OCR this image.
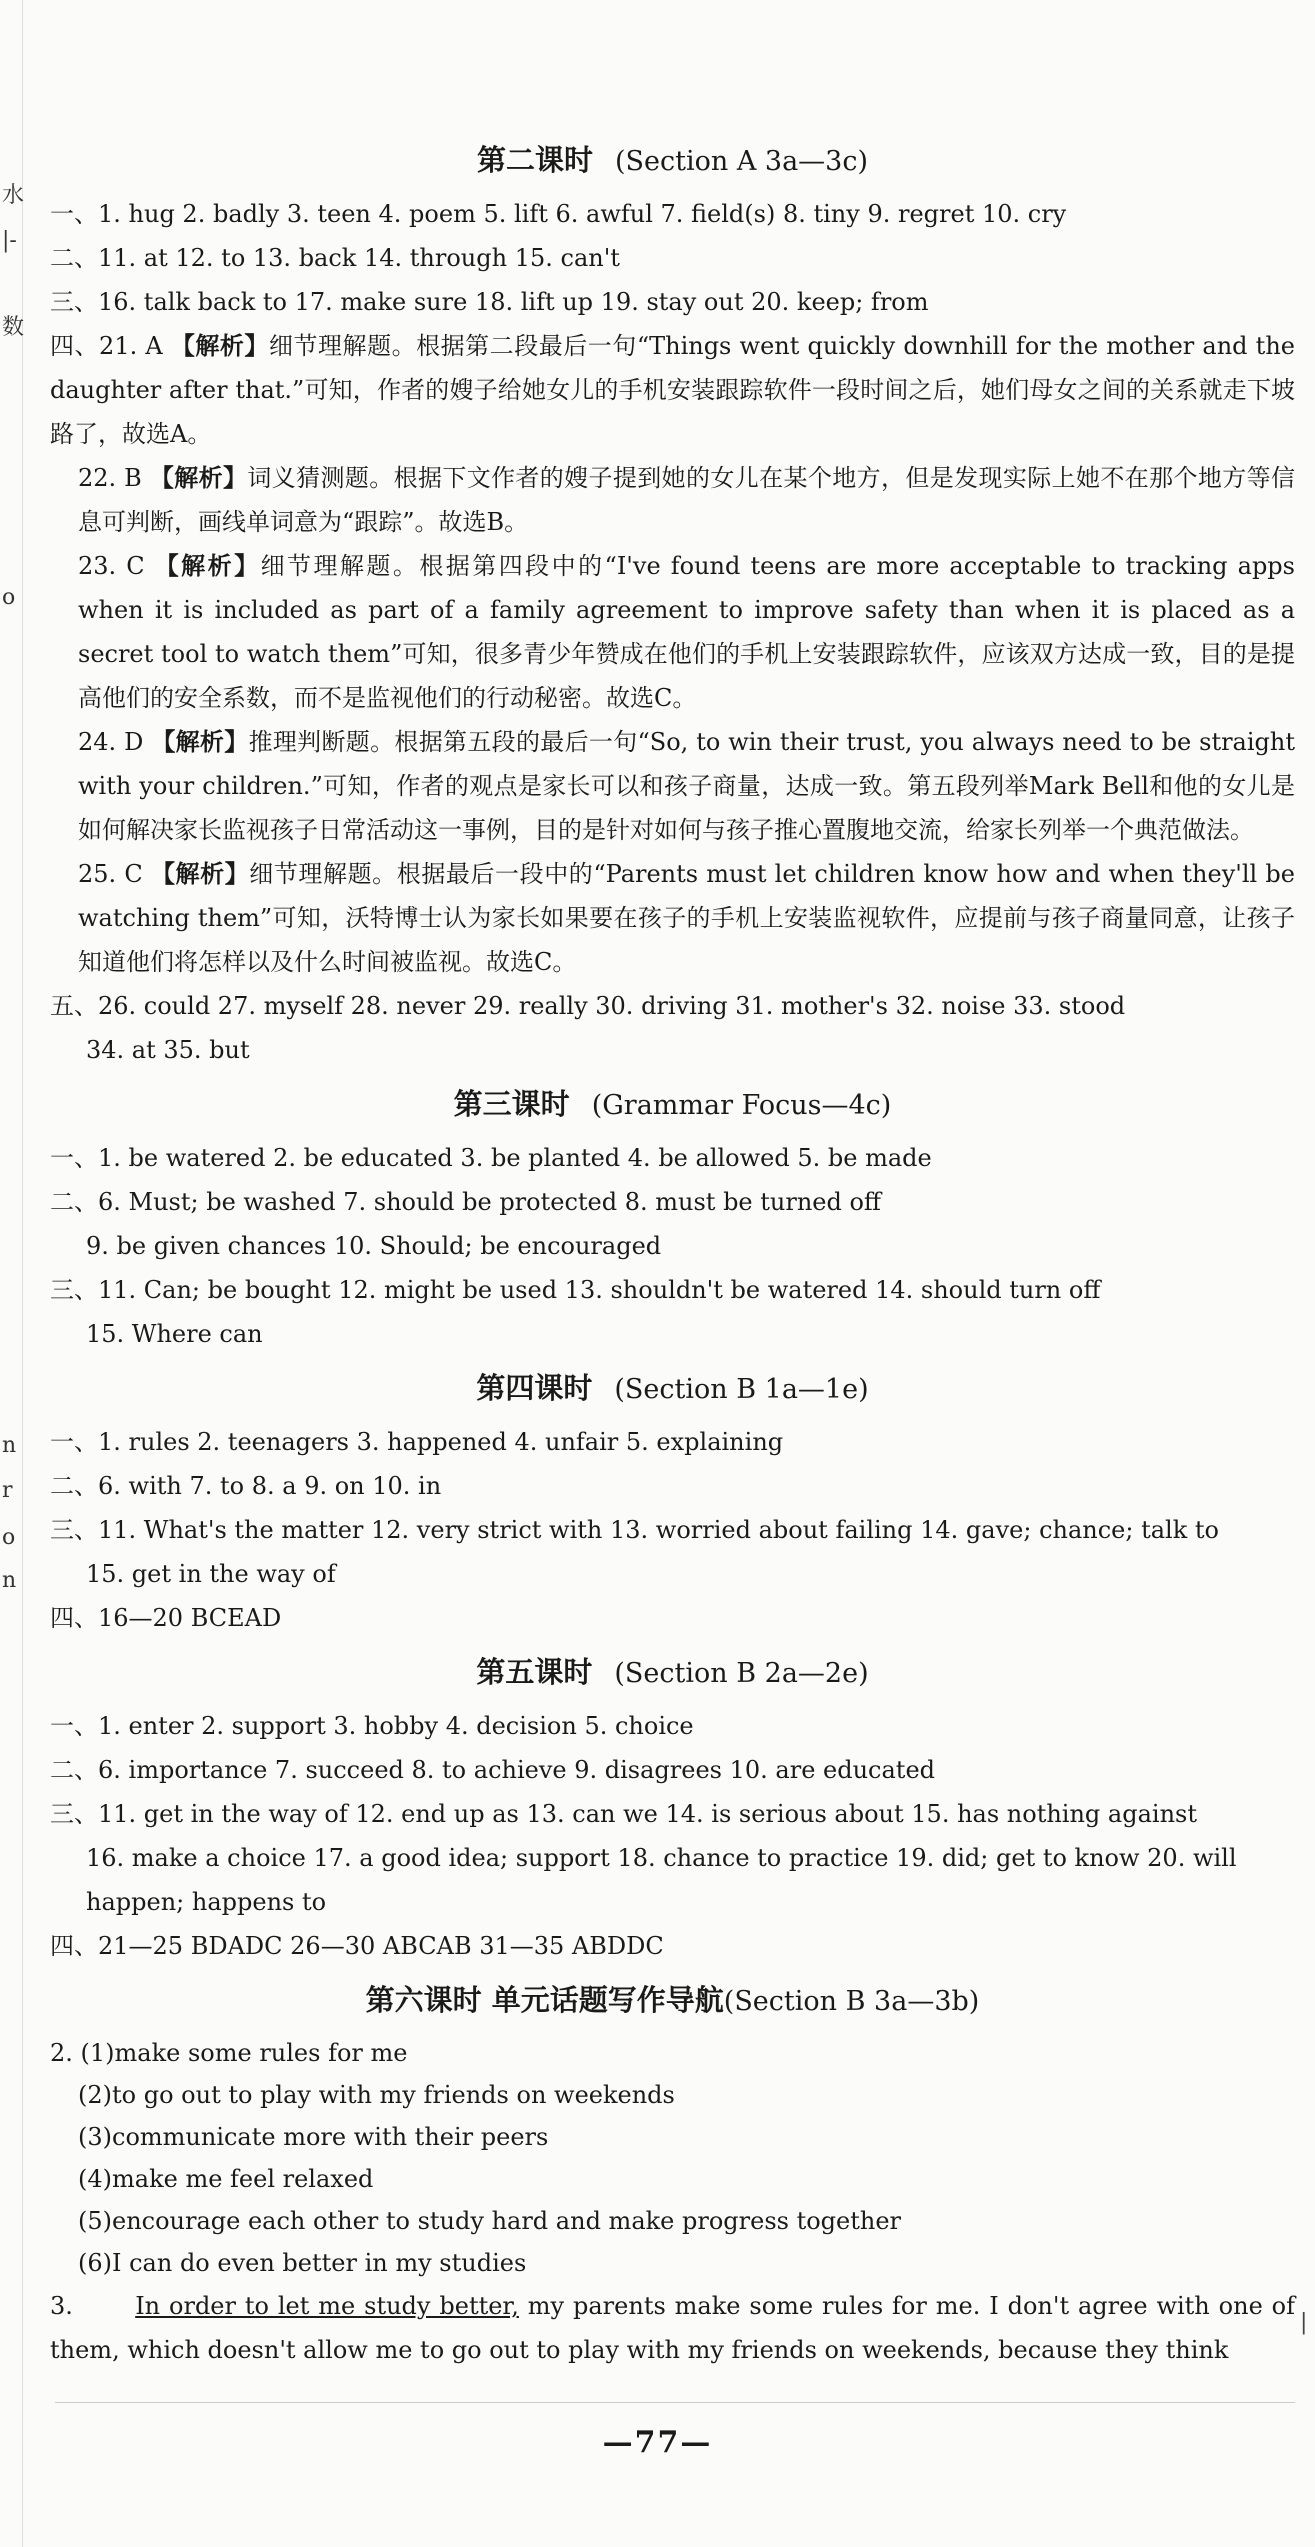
水
|-
数
o
n
r
o
n
|
第二课时 (Section A 3a—3c)
一、1. hug 2. badly 3. teen 4. poem 5. lift 6. awful 7. field(s) 8. tiny 9. regret 10. cry
二、11. at 12. to 13. back 14. through 15. can't
三、16. talk back to 17. make sure 18. lift up 19. stay out 20. keep; from
四、21. A 【解析】细节理解题。根据第二段最后一句“Things went quickly downhill for the mother and the daughter after that.”可知，作者的嫂子给她女儿的手机安装跟踪软件一段时间之后，她们母女之间的关系就走下坡路了，故选A。
22. B 【解析】词义猜测题。根据下文作者的嫂子提到她的女儿在某个地方，但是发现实际上她不在那个地方等信息可判断，画线单词意为“跟踪”。故选B。
23. C 【解析】细节理解题。根据第四段中的“I've found teens are more acceptable to tracking apps when it is included as part of a family agreement to improve safety than when it is placed as a secret tool to watch them”可知，很多青少年赞成在他们的手机上安装跟踪软件，应该双方达成一致，目的是提高他们的安全系数，而不是监视他们的行动秘密。故选C。
24. D 【解析】推理判断题。根据第五段的最后一句“So, to win their trust, you always need to be straight with your children.”可知，作者的观点是家长可以和孩子商量，达成一致。第五段列举Mark Bell和他的女儿是如何解决家长监视孩子日常活动这一事例，目的是针对如何与孩子推心置腹地交流，给家长列举一个典范做法。
25. C 【解析】细节理解题。根据最后一段中的“Parents must let children know how and when they'll be watching them”可知，沃特博士认为家长如果要在孩子的手机上安装监视软件，应提前与孩子商量同意，让孩子知道他们将怎样以及什么时间被监视。故选C。
五、26. could 27. myself 28. never 29. really 30. driving 31. mother's 32. noise 33. stood
34. at 35. but
第三课时 (Grammar Focus—4c)
一、1. be watered 2. be educated 3. be planted 4. be allowed 5. be made
二、6. Must; be washed 7. should be protected 8. must be turned off
9. be given chances 10. Should; be encouraged
三、11. Can; be bought 12. might be used 13. shouldn't be watered 14. should turn off
15. Where can
第四课时 (Section B 1a—1e)
一、1. rules 2. teenagers 3. happened 4. unfair 5. explaining
二、6. with 7. to 8. a 9. on 10. in
三、11. What's the matter 12. very strict with 13. worried about failing 14. gave; chance; talk to
15. get in the way of
四、16—20 BCEAD
第五课时 (Section B 2a—2e)
一、1. enter 2. support 3. hobby 4. decision 5. choice
二、6. importance 7. succeed 8. to achieve 9. disagrees 10. are educated
三、11. get in the way of 12. end up as 13. can we 14. is serious about 15. has nothing against
16. make a choice 17. a good idea; support 18. chance to practice 19. did; get to know 20. will
happen; happens to
四、21—25 BDADC 26—30 ABCAB 31—35 ABDDC
第六课时 单元话题写作导航(Section B 3a—3b)
2. (1)make some rules for me
(2)to go out to play with my friends on weekends
(3)communicate more with their peers
(4)make me feel relaxed
(5)encourage each other to study hard and make progress together
(6)I can do even better in my studies
3.	In order to let me study better, my parents make some rules for me. I don't agree with one of them, which doesn't allow me to go out to play with my friends on weekends, because they think
—77—
